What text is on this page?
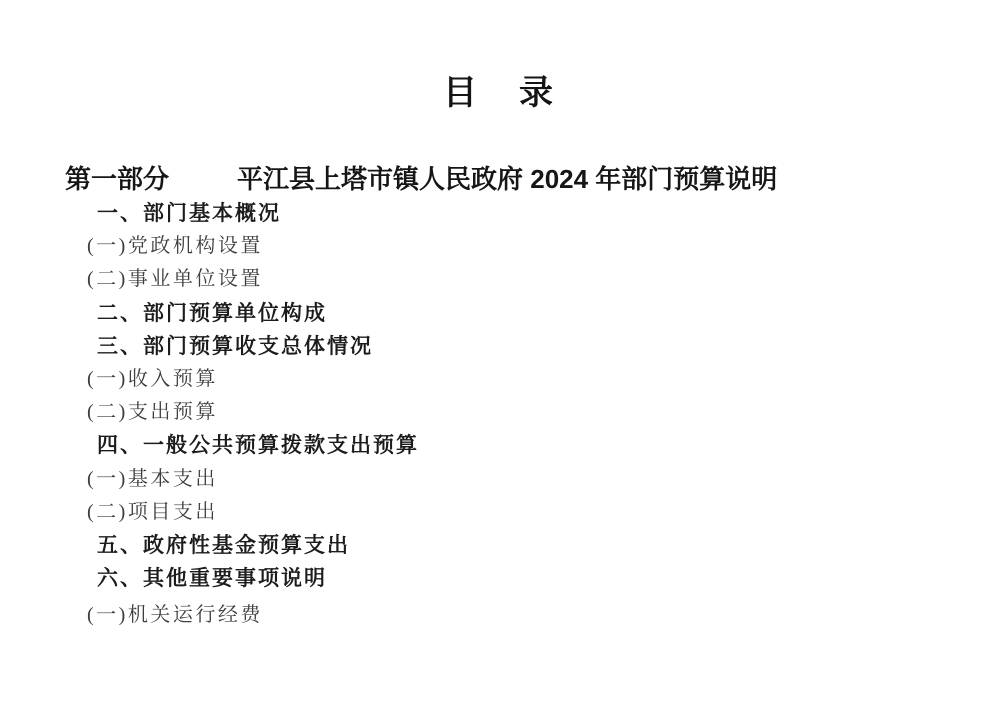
目　录
第一部分	平江县上塔市镇人民政府 2024 年部门预算说明
一、部门基本概况
(一)党政机构设置
(二)事业单位设置
二、部门预算单位构成
三、部门预算收支总体情况
(一)收入预算
(二)支出预算
四、一般公共预算拨款支出预算
(一)基本支出
(二)项目支出
五、政府性基金预算支出
六、其他重要事项说明
(一)机关运行经费
